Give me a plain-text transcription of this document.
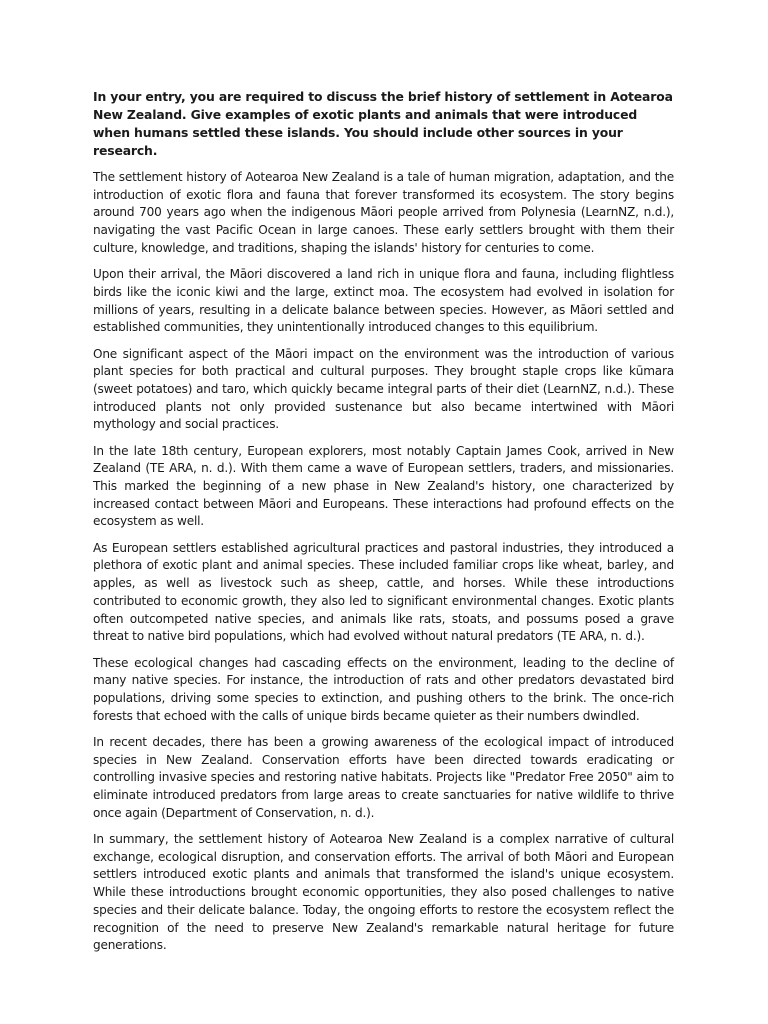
In your entry, you are required to discuss the brief history of settlement in Aotearoa New Zealand. Give examples of exotic plants and animals that were introduced when humans settled these islands. You should include other sources in your research.

The settlement history of Aotearoa New Zealand is a tale of human migration, adaptation, and the introduction of exotic flora and fauna that forever transformed its ecosystem. The story begins around 700 years ago when the indigenous Māori people arrived from Polynesia (LearnNZ, n.d.), navigating the vast Pacific Ocean in large canoes. These early settlers brought with them their culture, knowledge, and traditions, shaping the islands' history for centuries to come.

Upon their arrival, the Māori discovered a land rich in unique flora and fauna, including flightless birds like the iconic kiwi and the large, extinct moa. The ecosystem had evolved in isolation for millions of years, resulting in a delicate balance between species. However, as Māori settled and established communities, they unintentionally introduced changes to this equilibrium.

One significant aspect of the Māori impact on the environment was the introduction of various plant species for both practical and cultural purposes. They brought staple crops like kūmara (sweet potatoes) and taro, which quickly became integral parts of their diet (LearnNZ, n.d.). These introduced plants not only provided sustenance but also became intertwined with Māori mythology and social practices.

In the late 18th century, European explorers, most notably Captain James Cook, arrived in New Zealand (TE ARA, n. d.). With them came a wave of European settlers, traders, and missionaries. This marked the beginning of a new phase in New Zealand's history, one characterized by increased contact between Māori and Europeans. These interactions had profound effects on the ecosystem as well.

As European settlers established agricultural practices and pastoral industries, they introduced a plethora of exotic plant and animal species. These included familiar crops like wheat, barley, and apples, as well as livestock such as sheep, cattle, and horses. While these introductions contributed to economic growth, they also led to significant environmental changes. Exotic plants often outcompeted native species, and animals like rats, stoats, and possums posed a grave threat to native bird populations, which had evolved without natural predators (TE ARA, n. d.).

These ecological changes had cascading effects on the environment, leading to the decline of many native species. For instance, the introduction of rats and other predators devastated bird populations, driving some species to extinction, and pushing others to the brink. The once-rich forests that echoed with the calls of unique birds became quieter as their numbers dwindled.

In recent decades, there has been a growing awareness of the ecological impact of introduced species in New Zealand. Conservation efforts have been directed towards eradicating or controlling invasive species and restoring native habitats. Projects like "Predator Free 2050" aim to eliminate introduced predators from large areas to create sanctuaries for native wildlife to thrive once again (Department of Conservation, n. d.).

In summary, the settlement history of Aotearoa New Zealand is a complex narrative of cultural exchange, ecological disruption, and conservation efforts. The arrival of both Māori and European settlers introduced exotic plants and animals that transformed the island's unique ecosystem. While these introductions brought economic opportunities, they also posed challenges to native species and their delicate balance. Today, the ongoing efforts to restore the ecosystem reflect the recognition of the need to preserve New Zealand's remarkable natural heritage for future generations.
